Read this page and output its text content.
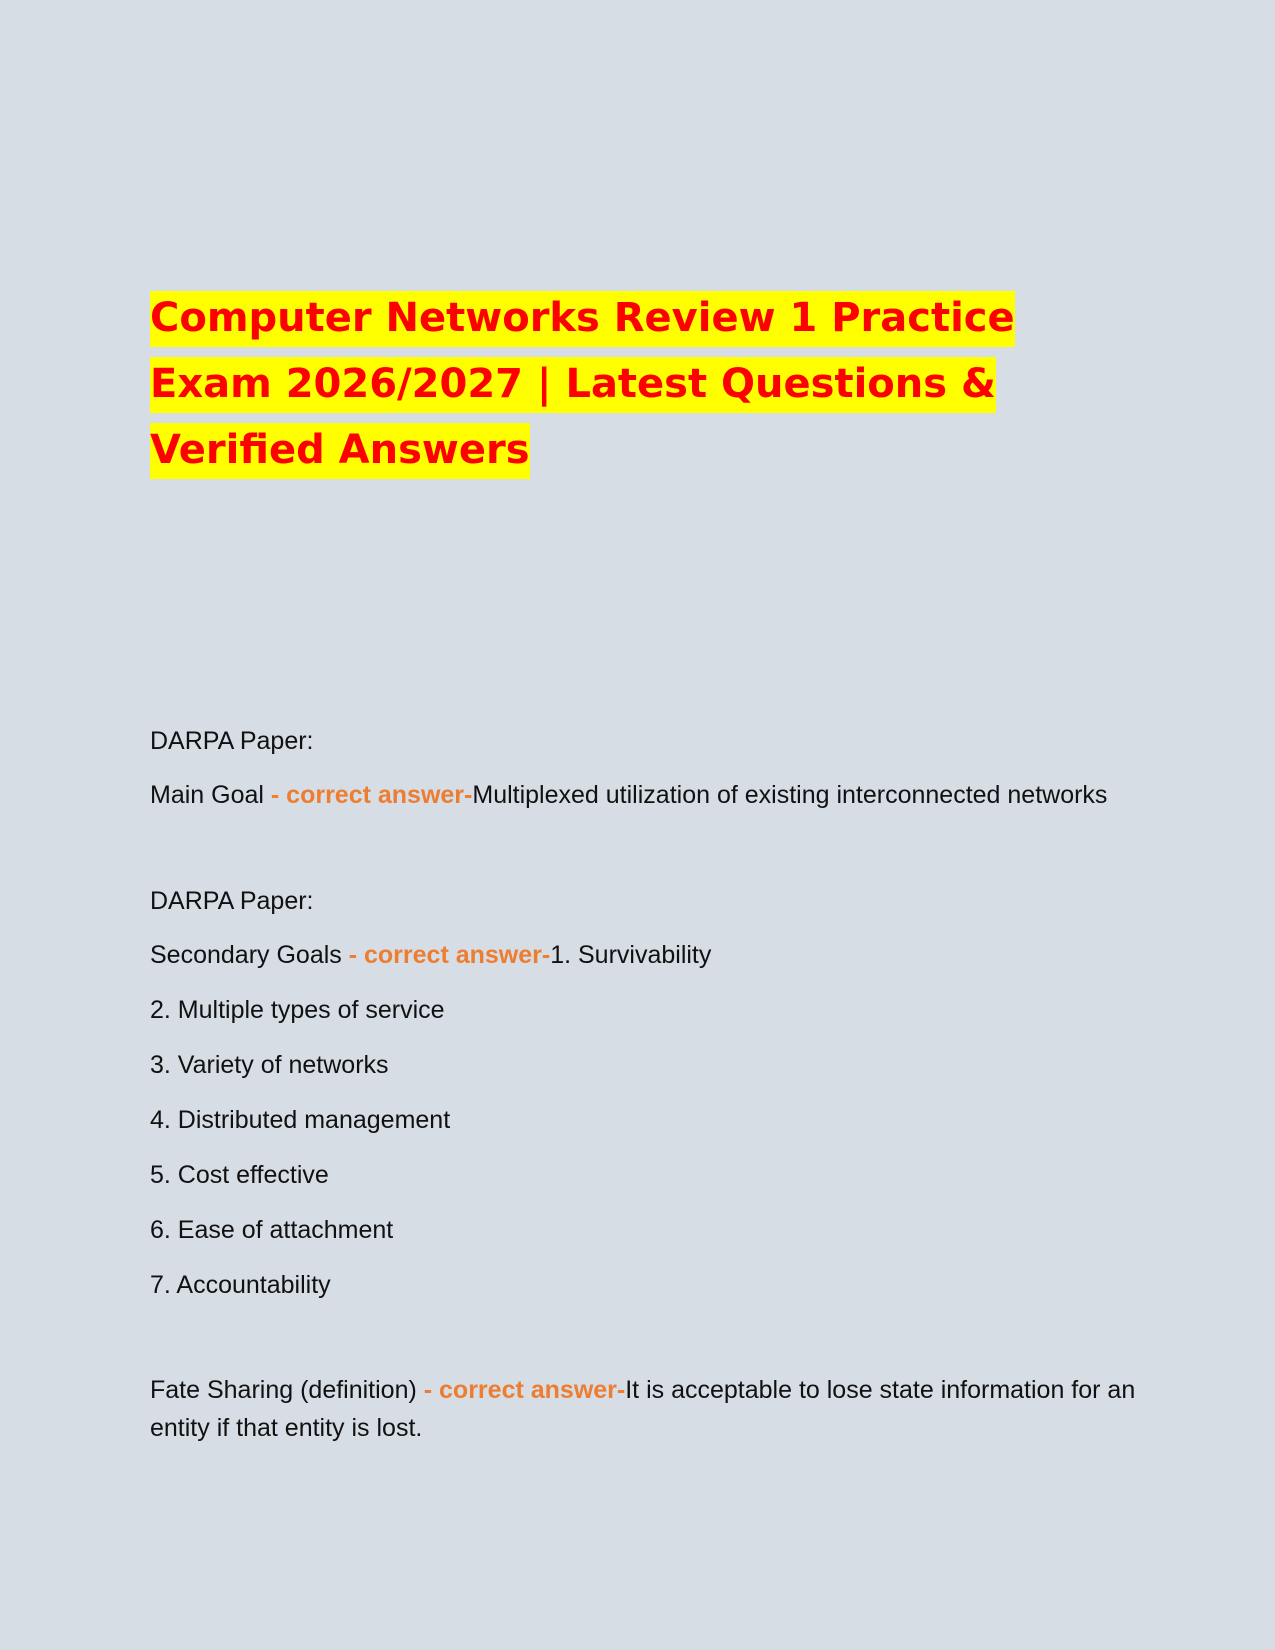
Computer Networks Review 1 Practice Exam 2026/2027 | Latest Questions & Verified Answers

DARPA Paper:

Main Goal - correct answer-Multiplexed utilization of existing interconnected networks

DARPA Paper:

Secondary Goals - correct answer-1. Survivability

2. Multiple types of service

3. Variety of networks

4. Distributed management

5. Cost effective

6. Ease of attachment

7. Accountability

Fate Sharing (definition) - correct answer-It is acceptable to lose state information for an entity if that entity is lost.
